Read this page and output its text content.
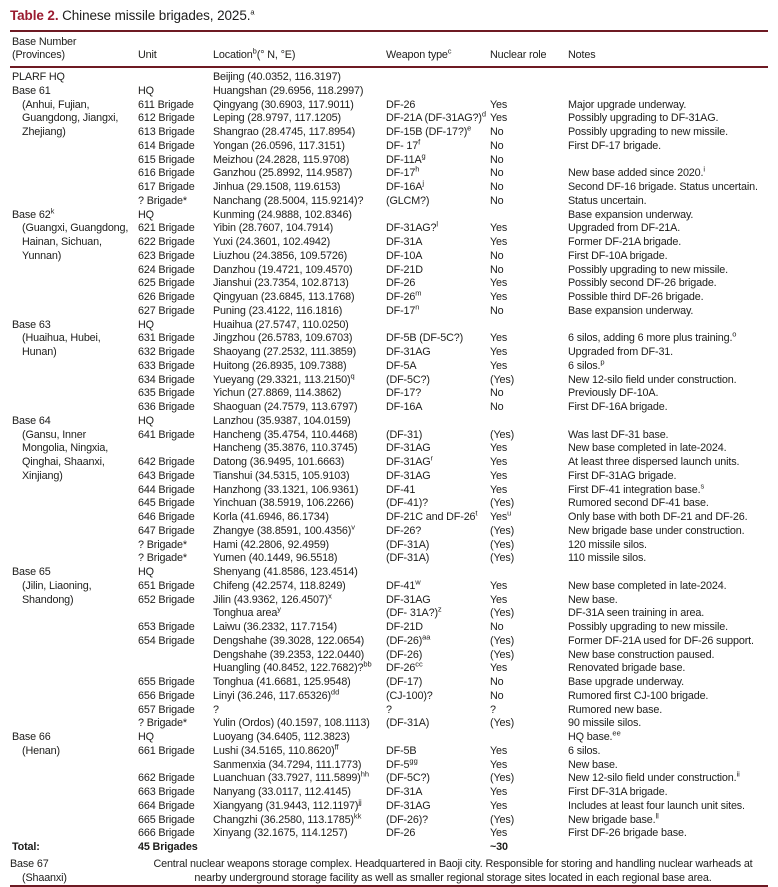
Table 2. Chinese missile brigades, 2025.$^a$
Base Number
(Provinces)	Unit	Location$^b$(° N, °E)	Weapon type$^c$	Nuclear role	Notes
PLARF HQ		Beijing (40.0352, 116.3197)			
Base 61	HQ	Huangshan (29.6956, 118.2997)			
(Anhui, Fujian,	611 Brigade	Qingyang (30.6903, 117.9011)	DF-26	Yes	Major upgrade underway.
Guangdong, Jiangxi,	612 Brigade	Leping (28.9797, 117.1205)	DF-21A (DF-31AG?)$^d$	Yes	Possibly upgrading to DF-31AG.
Zhejiang)	613 Brigade	Shangrao (28.4745, 117.8954)	DF-15B (DF-17?)$^e$	No	Possibly upgrading to new missile.
	614 Brigade	Yongan (26.0596, 117.3151)	DF- 17$^f$	No	First DF-17 brigade.
	615 Brigade	Meizhou (24.2828, 115.9708)	$DF-11A^g$	No	
	616 Brigade	Ganzhou (25.8992, 114.9587)	DF-17$^h$	No	New base added since 2020.$^i$
	617 Brigade	Jinhua (29.1508, 119.6153)	$DF-16A^j$	No	Second DF-16 brigade. Status uncertain.
	? Brigade*	Nanchang (28.5004, 115.9214)?	(GLCM?)	No	Status uncertain.
Base 62$^k$	HQ	Kunming (24.9888, 102.8346)			Base expansion underway.
(Guangxi, Guangdong,	621 Brigade	Yibin (28.7607, 104.7914)	DF-31AG?$^l$	Yes	Upgraded from DF-21A.
Hainan, Sichuan,	622 Brigade	Yuxi (24.3601, 102.4942)	DF-31A	Yes	Former DF-21A brigade.
Yunnan)	623 Brigade	Liuzhou (24.3856, 109.5726)	DF-10A	No	First DF-10A brigade.
	624 Brigade	Danzhou (19.4721, 109.4570)	DF-21D	No	Possibly upgrading to new missile.
	625 Brigade	Jianshui (23.7354, 102.8713)	DF-26	Yes	Possibly second DF-26 brigade.
	626 Brigade	Qingyuan (23.6845, 113.1768)	DF-26$^m$	Yes	Possible third DF-26 brigade.
	627 Brigade	Puning (23.4122, 116.1816)	DF-17$^n$	No	Base expansion underway.
Base 63	HQ	Huaihua (27.5747, 110.0250)			
(Huaihua, Hubei,	631 Brigade	Jingzhou (26.5783, 109.6703)	DF-5B (DF-5C?)	Yes	6 silos, adding 6 more plus training.$^o$
Hunan)	632 Brigade	Shaoyang (27.2532, 111.3859)	DF-31AG	Yes	Upgraded from DF-31.
	633 Brigade	Huitong (26.8935, 109.7388)	DF-5A	Yes	6 silos.$^p$
	634 Brigade	Yueyang (29.3321, 113.2150)$^q$	(DF-5C?)	(Yes)	New 12-silo field under construction.
	635 Brigade	Yichun (27.8869, 114.3862)	DF-17?	No	Previously DF-10A.
	636 Brigade	Shaoguan (24.7579, 113.6797)	DF-16A	No	First DF-16A brigade.
Base 64	HQ	Lanzhou (35.9387, 104.0159)			
(Gansu, Inner	641 Brigade	Hancheng (35.4754, 110.4468)	(DF-31)	(Yes)	Was last DF-31 base.
Mongolia, Ningxia,		Hancheng (35.3876, 110.3745)	DF-31AG	Yes	New base completed in late-2024.
Qinghai, Shaanxi,	642 Brigade	Datong (36.9495, 101.6663)	$DF-31AG^r$	Yes	At least three dispersed launch units.
Xinjiang)	643 Brigade	Tianshui (34.5315, 105.9103)	DF-31AG	Yes	First DF-31AG brigade.
	644 Brigade	Hanzhong (33.1321, 106.9361)	DF-41	Yes	First DF-41 integration base.$^s$
	645 Brigade	Yinchuan (38.5919, 106.2266)	(DF-41)?	(Yes)	Rumored second DF-41 base.
	646 Brigade	Korla (41.6946, 86.1734)	DF-21C and DF-26$^t$	Yes$^u$	Only base with both DF-21 and DF-26.
	647 Brigade	Zhangye (38.8591, 100.4356)$^v$	DF-26?	(Yes)	New brigade base under construction.
	? Brigade*	Hami (42.2806, 92.4959)	(DF-31A)	(Yes)	120 missile silos.
	? Brigade*	Yumen (40.1449, 96.5518)	(DF-31A)	(Yes)	110 missile silos.
Base 65	HQ	Shenyang (41.8586, 123.4514)			
(Jilin, Liaoning,	651 Brigade	Chifeng (42.2574, 118.8249)	DF-41$^w$	Yes	New base completed in late-2024.
Shandong)	652 Brigade	Jilin (43.9362, 126.4507)$^x$	DF-31AG	Yes	New base.
		Tonghua area$^y$	(DF- 31A?)$^z$	(Yes)	DF-31A seen training in area.
	653 Brigade	Laiwu (36.2332, 117.7154)	DF-21D	No	Possibly upgrading to new missile.
	654 Brigade	Dengshahe (39.3028, 122.0654)	$(DF-26)^{aa}$	(Yes)	Former DF-21A used for DF-26 support.
		Dengshahe (39.2353, 122.0440)	(DF-26)	(Yes)	New base construction paused.
		Huangling (40.8452, 122.7682)?$^{bb}$	$DF-26^{cc}$	Yes	Renovated brigade base.
	655 Brigade	Tonghua (41.6681, 125.9548)	(DF-17)	No	Base upgrade underway.
	656 Brigade	Linyi (36.246, 117.65326)$^{dd}$	(CJ-100)?	No	Rumored first CJ-100 brigade.
	657 Brigade	?	?	?	Rumored new base.
	? Brigade*	Yulin (Ordos) (40.1597, 108.1113)	(DF-31A)	(Yes)	90 missile silos.
Base 66	HQ	Luoyang (34.6405, 112.3823)			HQ base.$^{ee}$
(Henan)	661 Brigade	Lushi (34.5165, 110.8620)$^{ff}$	DF-5B	Yes	6 silos.
		Sanmenxia (34.7294, 111.1773)	$DF-5^{gg}$	Yes	New base.
	662 Brigade	Luanchuan (33.7927, 111.5899)$^{hh}$	(DF-5C?)	(Yes)	New 12-silo field under construction.$^{ii}$
	663 Brigade	Nanyang (33.0117, 112.4145)	DF-31A	Yes	First DF-31A brigade.
	664 Brigade	Xiangyang (31.9443, 112.1197)$^{jj}$	DF-31AG	Yes	Includes at least four launch unit sites.
	665 Brigade	Changzhi (36.2580, 113.1785)$^{kk}$	(DF-26)?	(Yes)	New brigade base.$^{ll}$
	666 Brigade	Xinyang (32.1675, 114.1257)	DF-26	Yes	First DF-26 brigade base.
Total:	45 Brigades			~30	

Base 67
(Shaanxi)	Central nuclear weapons storage complex. Headquartered in Baoji city. Responsible for storing and handling nuclear warheads at nearby underground storage facility as well as smaller regional storage sites located in each regional base area.				
